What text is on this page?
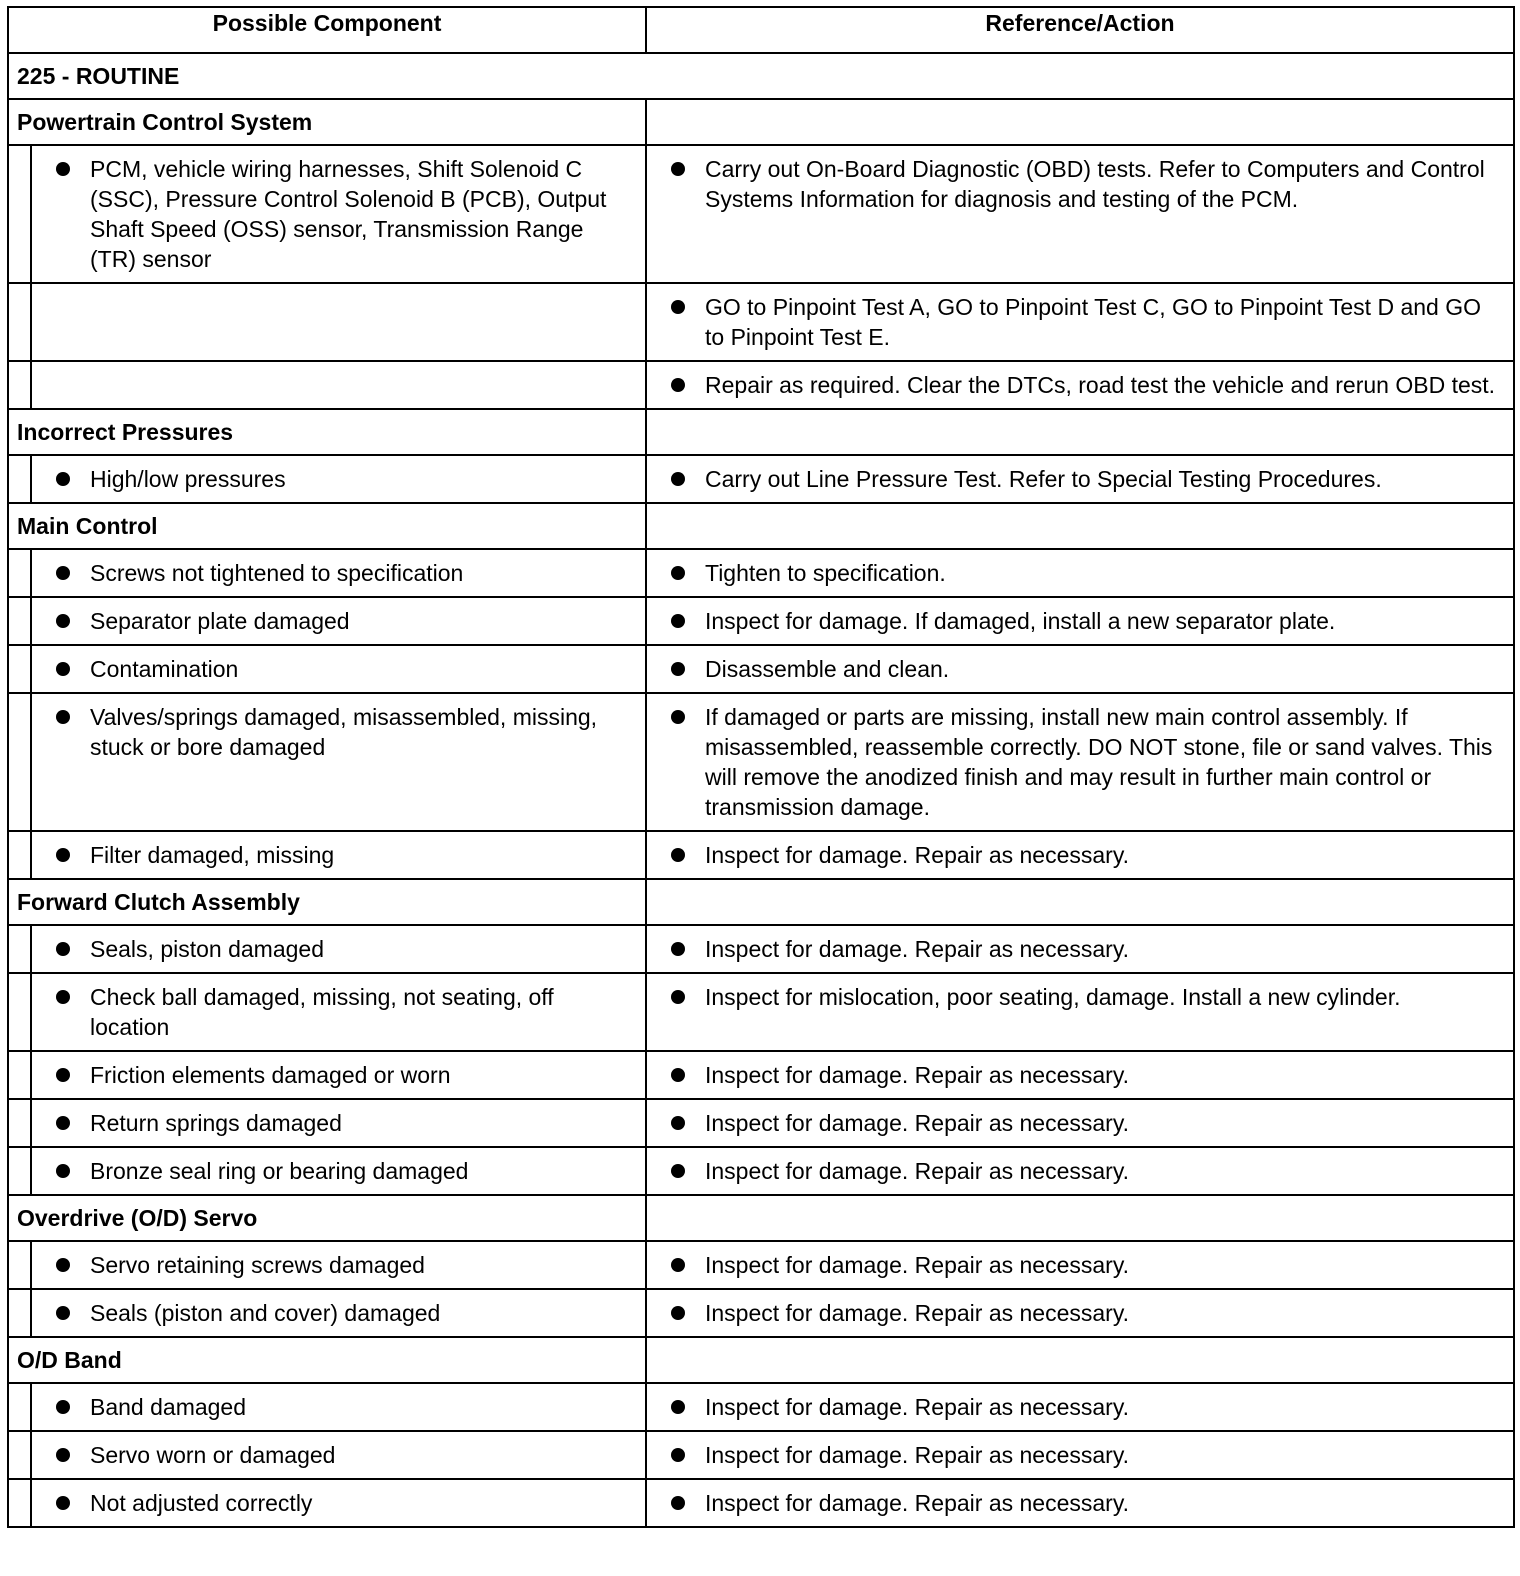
Possible Component		Reference/Action
225 - ROUTINE		
Powertrain Control System		

	PCM, vehicle wiring harnesses, Shift Solenoid C (SSC), Pressure Control Solenoid B (PCB), Output Shaft Speed (OSS) sensor, Transmission Range (TR) sensor	Carry out On-Board Diagnostic (OBD) tests. Refer to Computers and Control Systems Information for diagnosis and testing of the PCM.

		GO to Pinpoint Test A, GO to Pinpoint Test C, GO to Pinpoint Test D and GO to Pinpoint Test E.

		Repair as required. Clear the DTCs, road test the vehicle and rerun OBD test.

Incorrect Pressures		

	High/low pressures	Carry out Line Pressure Test. Refer to Special Testing Procedures.

Main Control		

	Screws not tightened to specification	Tighten to specification.

	Separator plate damaged	Inspect for damage. If damaged, install a new separator plate.

	Contamination	Disassemble and clean.

	Valves/springs damaged, misassembled, missing, stuck or bore damaged	If damaged or parts are missing, install new main control assembly. If misassembled, reassemble correctly. DO NOT stone, file or sand valves. This will remove the anodized finish and may result in further main control or transmission damage.

	Filter damaged, missing	Inspect for damage. Repair as necessary.

Forward Clutch Assembly		

	Seals, piston damaged	Inspect for damage. Repair as necessary.

	Check ball damaged, missing, not seating, off location	Inspect for mislocation, poor seating, damage. Install a new cylinder.

	Friction elements damaged or worn	Inspect for damage. Repair as necessary.

	Return springs damaged	Inspect for damage. Repair as necessary.

	Bronze seal ring or bearing damaged	Inspect for damage. Repair as necessary.

Overdrive (O/D) Servo		

	Servo retaining screws damaged	Inspect for damage. Repair as necessary.

	Seals (piston and cover) damaged	Inspect for damage. Repair as necessary.

O/D Band		

	Band damaged	Inspect for damage. Repair as necessary.

	Servo worn or damaged	Inspect for damage. Repair as necessary.

	Not adjusted correctly	Inspect for damage. Repair as necessary.
